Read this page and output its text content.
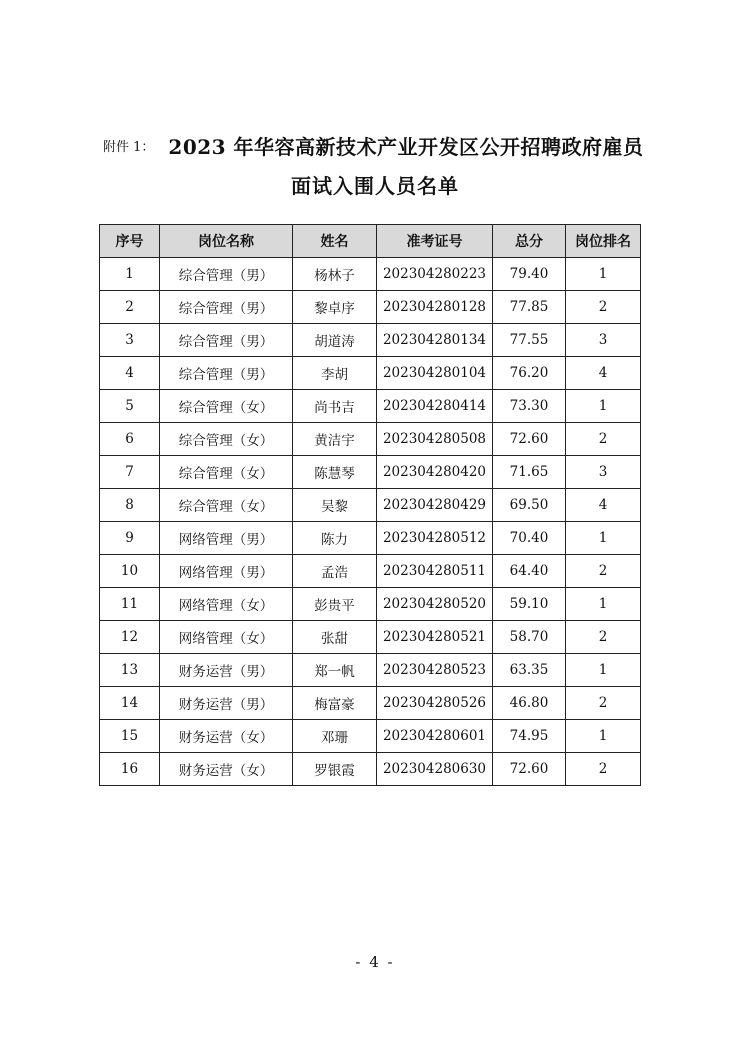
附件 1： 2023 年华容高新技术产业开发区公开招聘政府雇员
面试入围人员名单
序号	岗位名称	姓名	准考证号	总分	岗位排名
1	综合管理（男）	杨林子	202304280223	79.40	1
2	综合管理（男）	黎卓序	202304280128	77.85	2
3	综合管理（男）	胡道涛	202304280134	77.55	3
4	综合管理（男）	李胡	202304280104	76.20	4
5	综合管理（女）	尚书吉	202304280414	73.30	1
6	综合管理（女）	黄洁宇	202304280508	72.60	2
7	综合管理（女）	陈慧琴	202304280420	71.65	3
8	综合管理（女）	吴黎	202304280429	69.50	4
9	网络管理（男）	陈力	202304280512	70.40	1
10	网络管理（男）	孟浩	202304280511	64.40	2
11	网络管理（女）	彭贵平	202304280520	59.10	1
12	网络管理（女）	张甜	202304280521	58.70	2
13	财务运营（男）	郑一帆	202304280523	63.35	1
14	财务运营（男）	梅富豪	202304280526	46.80	2
15	财务运营（女）	邓珊	202304280601	74.95	1
16	财务运营（女）	罗银霞	202304280630	72.60	2
- 4 -
